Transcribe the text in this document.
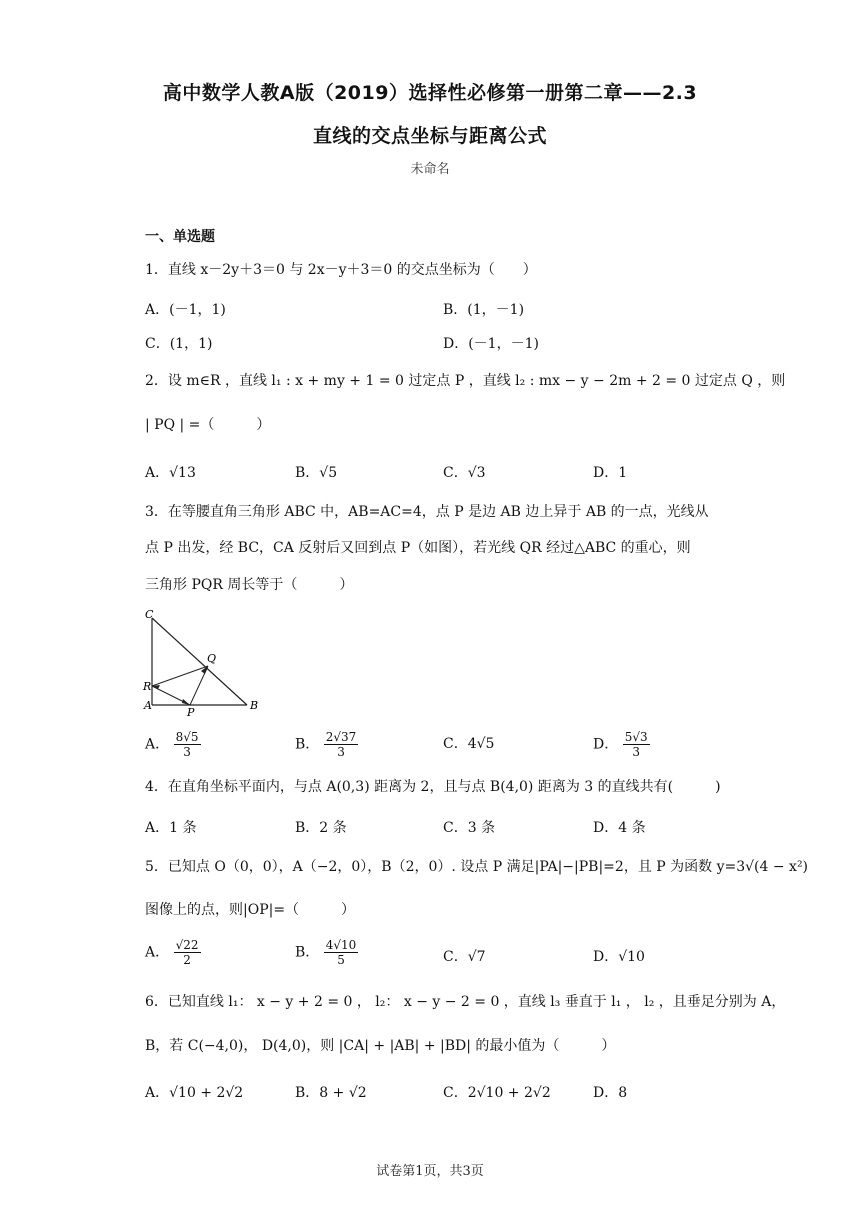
高中数学人教A版（2019）选择性必修第一册第二章——2.3
直线的交点坐标与距离公式
未命名
一、单选题
1．直线 x－2y＋3＝0 与 2x－y＋3＝0 的交点坐标为（　　）
A．(－1，1)	B．(1，－1)
C．(1，1)	D．(－1，－1)
2．设 m∈R ，直线 l₁ : x + my + 1 = 0 过定点 P ，直线 l₂ : mx − y − 2m + 2 = 0 过定点 Q ，则
| PQ | =（　　　）
A．√13	B．√5	C．√3	D．1
3．在等腰直角三角形 ABC 中，AB=AC=4，点 P 是边 AB 边上异于 AB 的一点，光线从
点 P 出发，经 BC，CA 反射后又回到点 P（如图），若光线 QR 经过△ABC 的重心，则
三角形 PQR 周长等于（　　　）
C
Q
R
A
P
B
A． $\frac{8√5}{3}$	B． $\frac{2√37}{3}$	C．4√5	D． $\frac{5√3}{3}$
4．在直角坐标平面内，与点 A(0,3) 距离为 2，且与点 B(4,0) 距离为 3 的直线共有(　　　)
A．1 条	B．2 条	C．3 条	D．4 条
5．已知点 O（0，0），A（−2，0），B（2，0）. 设点 P 满足|PA|−|PB|=2，且 P 为函数 y=3√(4 − x²)
图像上的点，则|OP|=（　　　）
A． $\frac{√22}{2}$	B． $\frac{4√10}{5}$	C．√7	D．√10
6．已知直线 l₁： x − y + 2 = 0 ， l₂： x − y − 2 = 0 ，直线 l₃ 垂直于 l₁ ， l₂ ，且垂足分别为 A，
B，若 C(−4,0)， D(4,0)，则 |CA| + |AB| + |BD| 的最小值为（　　　）
A．√10 + 2√2	B．8 + √2	C．2√10 + 2√2	D．8
试卷第1页，共3页
